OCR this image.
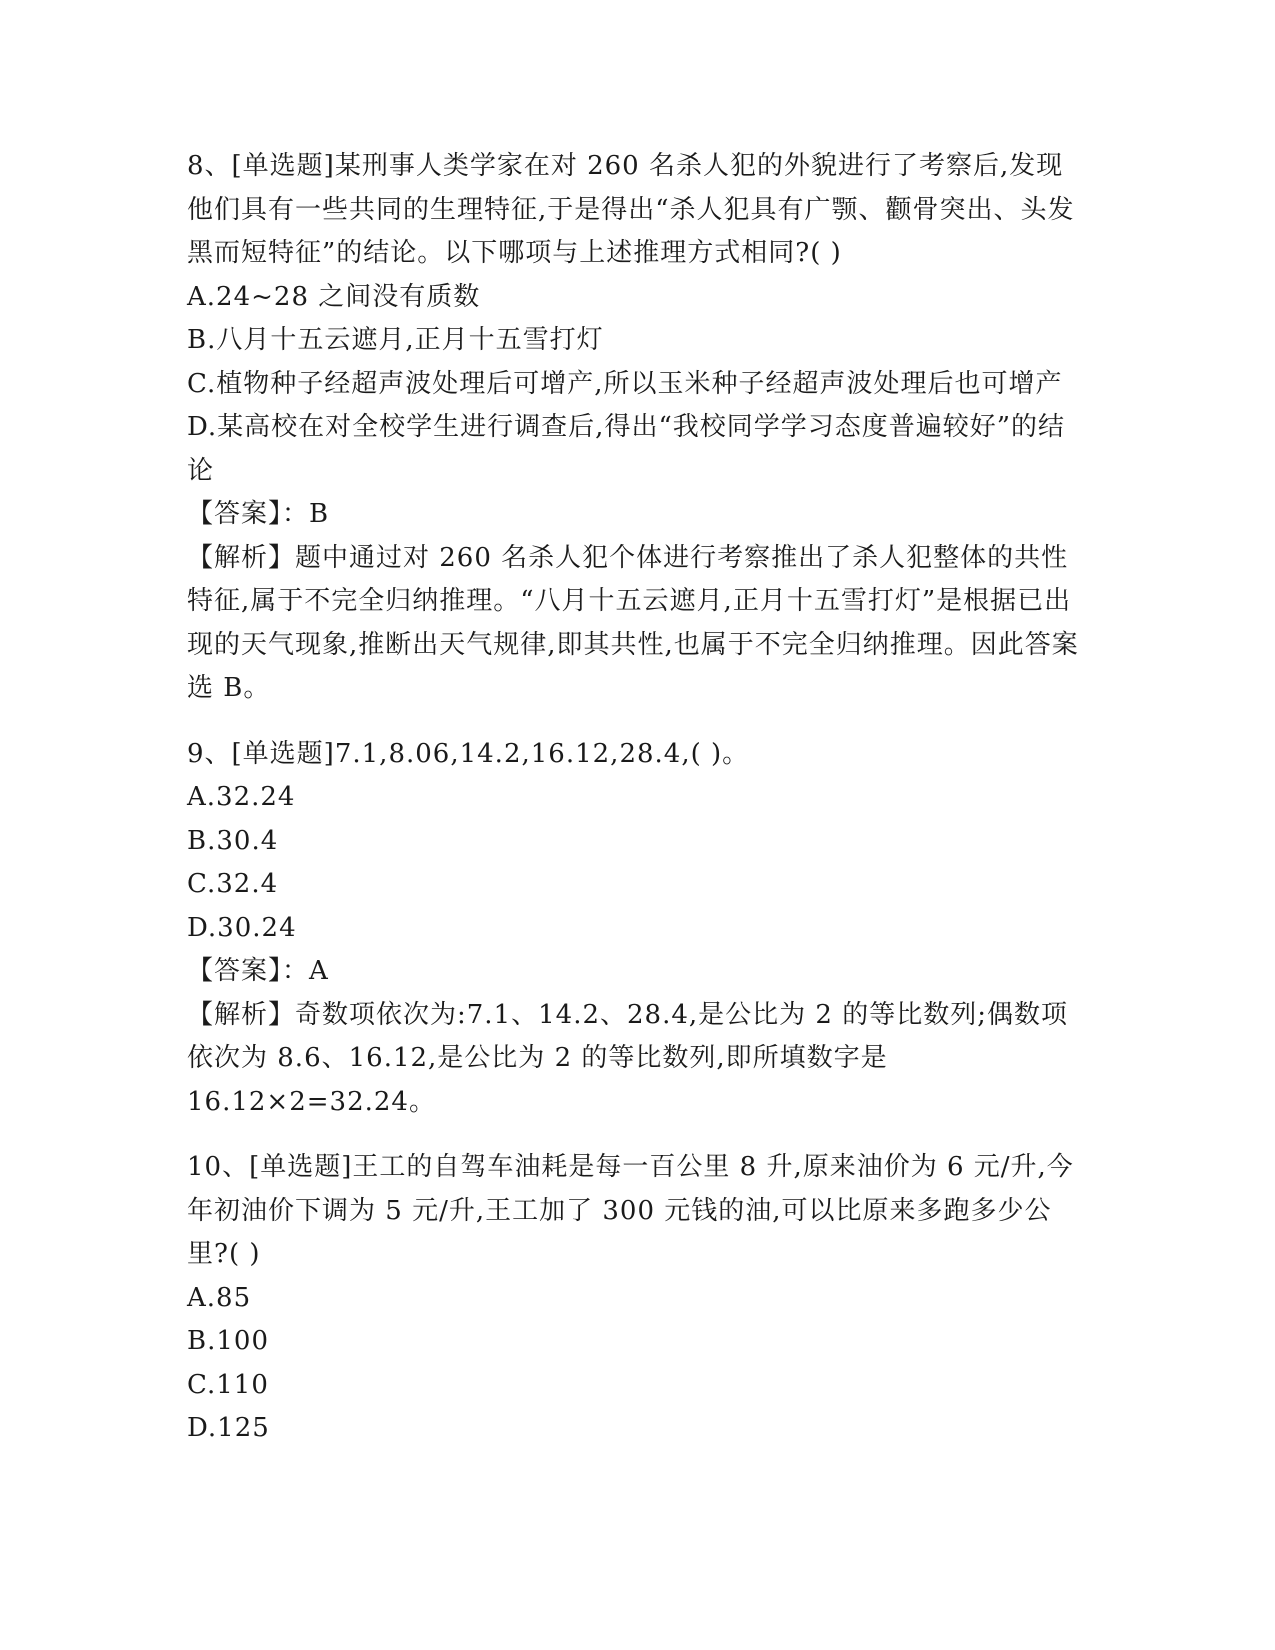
8、[单选题]某刑事人类学家在对 260 名杀人犯的外貌进行了考察后,发现他们具有一些共同的生理特征,于是得出“杀人犯具有广颚、颧骨突出、头发黑而短特征”的结论。以下哪项与上述推理方式相同?( )
A.24~28 之间没有质数
B.八月十五云遮月,正月十五雪打灯
C.植物种子经超声波处理后可增产,所以玉米种子经超声波处理后也可增产
D.某高校在对全校学生进行调查后,得出“我校同学学习态度普遍较好”的结论
【答案】：B
【解析】题中通过对 260 名杀人犯个体进行考察推出了杀人犯整体的共性特征,属于不完全归纳推理。“八月十五云遮月,正月十五雪打灯”是根据已出现的天气现象,推断出天气规律,即其共性,也属于不完全归纳推理。因此答案选 B。
9、[单选题]7.1,8.06,14.2,16.12,28.4,( )。
A.32.24
B.30.4
C.32.4
D.30.24
【答案】：A
【解析】奇数项依次为:7.1、14.2、28.4,是公比为 2 的等比数列;偶数项依次为 8.6、16.12,是公比为 2 的等比数列,即所填数字是16.12×2=32.24。
10、[单选题]王工的自驾车油耗是每一百公里 8 升,原来油价为 6 元/升,今年初油价下调为 5 元/升,王工加了 300 元钱的油,可以比原来多跑多少公里?( )
A.85
B.100
C.110
D.125
